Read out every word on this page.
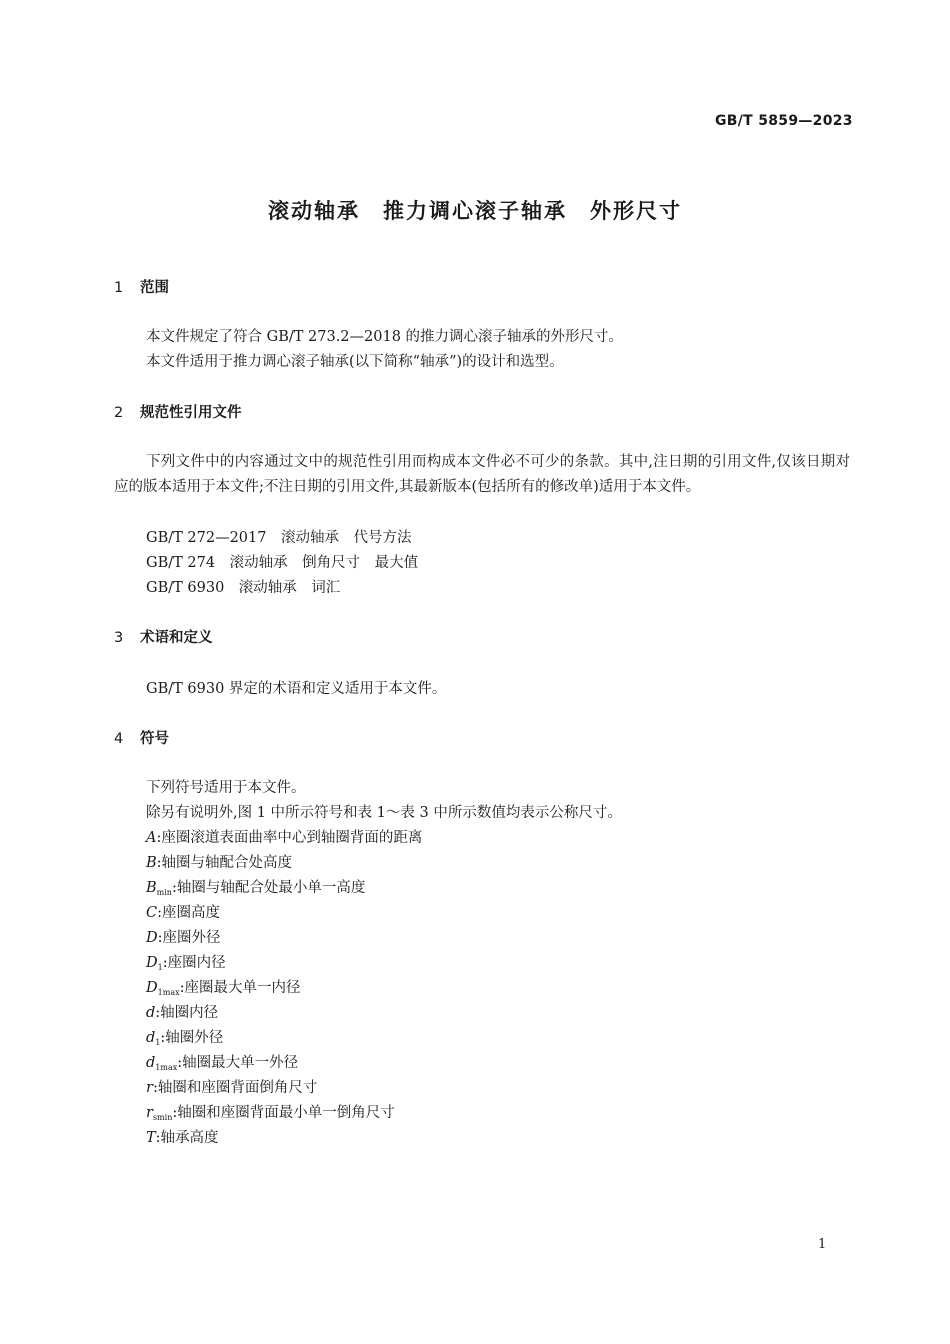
GB/T 5859—2023
滚动轴承　推力调心滚子轴承　外形尺寸
1 范围
本文件规定了符合 GB/T 273.2—2018 的推力调心滚子轴承的外形尺寸。
本文件适用于推力调心滚子轴承(以下简称“轴承”)的设计和选型。
2 规范性引用文件
下列文件中的内容通过文中的规范性引用而构成本文件必不可少的条款。其中,注日期的引用文件,仅该日期对应的版本适用于本文件;不注日期的引用文件,其最新版本(包括所有的修改单)适用于本文件。
GB/T 272—2017　滚动轴承　代号方法
GB/T 274　滚动轴承　倒角尺寸　最大值
GB/T 6930　滚动轴承　词汇
3 术语和定义
GB/T 6930 界定的术语和定义适用于本文件。
4 符号
下列符号适用于本文件。
除另有说明外,图 1 中所示符号和表 1～表 3 中所示数值均表示公称尺寸。
A:座圈滚道表面曲率中心到轴圈背面的距离
B:轴圈与轴配合处高度
$B_{min}$:轴圈与轴配合处最小单一高度
C:座圈高度
D:座圈外径
$D_1$:座圈内径
$D_{1max}$:座圈最大单一内径
d:轴圈内径
$d_1$:轴圈外径
$d_{1max}$:轴圈最大单一外径
r:轴圈和座圈背面倒角尺寸
$r_{smin}$:轴圈和座圈背面最小单一倒角尺寸
T:轴承高度
1
